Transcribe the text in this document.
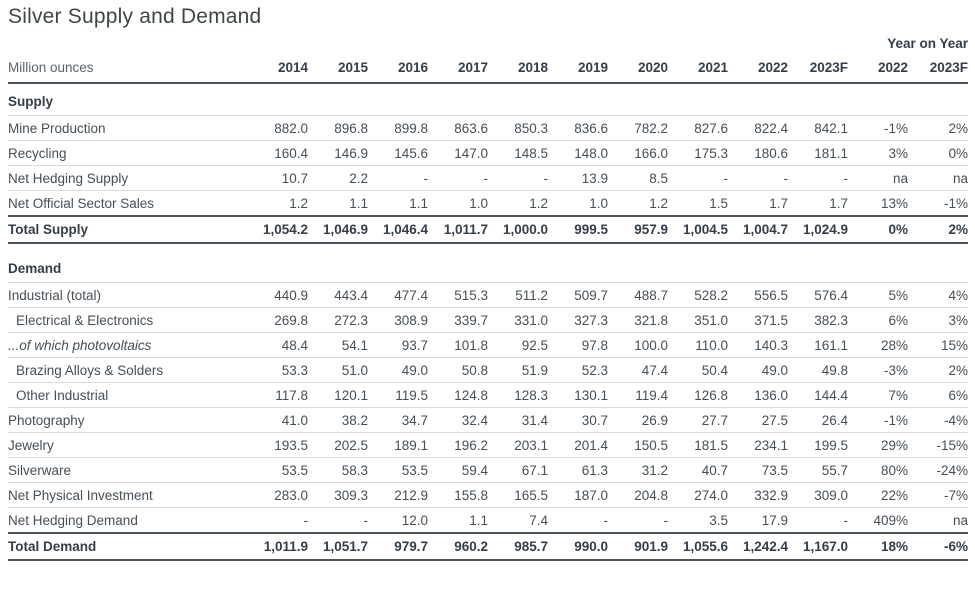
Silver Supply and Demand
											Year on Year	
Million ounces	2014	2015	2016	2017	2018	2019	2020	2021	2022	2023F	2022	2023F
Supply												
Mine Production	882.0	896.8	899.8	863.6	850.3	836.6	782.2	827.6	822.4	842.1	-1%	2%
Recycling	160.4	146.9	145.6	147.0	148.5	148.0	166.0	175.3	180.6	181.1	3%	0%
Net Hedging Supply	10.7	2.2	-	-	-	13.9	8.5	-	-	-	na	na
Net Official Sector Sales	1.2	1.1	1.1	1.0	1.2	1.0	1.2	1.5	1.7	1.7	13%	-1%
Total Supply	1,054.2	1,046.9	1,046.4	1,011.7	1,000.0	999.5	957.9	1,004.5	1,004.7	1,024.9	0%	2%

Demand												
Industrial (total)	440.9	443.4	477.4	515.3	511.2	509.7	488.7	528.2	556.5	576.4	5%	4%
Electrical & Electronics	269.8	272.3	308.9	339.7	331.0	327.3	321.8	351.0	371.5	382.3	6%	3%
...of which photovoltaics	48.4	54.1	93.7	101.8	92.5	97.8	100.0	110.0	140.3	161.1	28%	15%
Brazing Alloys & Solders	53.3	51.0	49.0	50.8	51.9	52.3	47.4	50.4	49.0	49.8	-3%	2%
Other Industrial	117.8	120.1	119.5	124.8	128.3	130.1	119.4	126.8	136.0	144.4	7%	6%
Photography	41.0	38.2	34.7	32.4	31.4	30.7	26.9	27.7	27.5	26.4	-1%	-4%
Jewelry	193.5	202.5	189.1	196.2	203.1	201.4	150.5	181.5	234.1	199.5	29%	-15%
Silverware	53.5	58.3	53.5	59.4	67.1	61.3	31.2	40.7	73.5	55.7	80%	-24%
Net Physical Investment	283.0	309.3	212.9	155.8	165.5	187.0	204.8	274.0	332.9	309.0	22%	-7%
Net Hedging Demand	-	-	12.0	1.1	7.4	-	-	3.5	17.9	-	409%	na
Total Demand	1,011.9	1,051.7	979.7	960.2	985.7	990.0	901.9	1,055.6	1,242.4	1,167.0	18%	-6%
